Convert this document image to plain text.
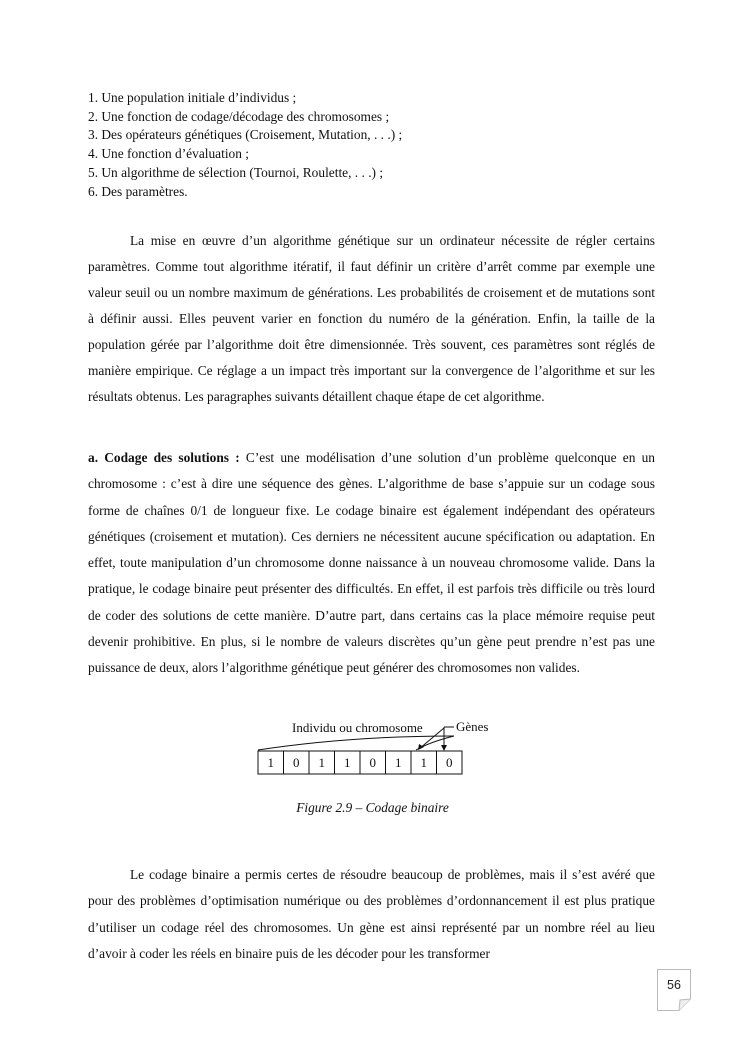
1. Une population initiale d’individus ;
2. Une fonction de codage/décodage des chromosomes ;
3. Des opérateurs génétiques (Croisement, Mutation, . . .) ;
4. Une fonction d’évaluation ;
5. Un algorithme de sélection (Tournoi, Roulette, . . .) ;
6. Des paramètres.

La mise en œuvre d’un algorithme génétique sur un ordinateur nécessite de régler certains paramètres. Comme tout algorithme itératif, il faut définir un critère d’arrêt comme par exemple une valeur seuil ou un nombre maximum de générations. Les probabilités de croisement et de mutations sont à définir aussi. Elles peuvent varier en fonction du numéro de la génération. Enfin, la taille de la population gérée par l’algorithme doit être dimensionnée. Très souvent, ces paramètres sont réglés de manière empirique. Ce réglage a un impact très important sur la convergence de l’algorithme et sur les résultats obtenus. Les paragraphes suivants détaillent chaque étape de cet algorithme.

a. Codage des solutions : C’est une modélisation d’une solution d’un problème quelconque en un chromosome : c’est à dire une séquence des gènes. L’algorithme de base s’appuie sur un codage sous forme de chaînes 0/1 de longueur fixe. Le codage binaire est également indépendant des opérateurs génétiques (croisement et mutation). Ces derniers ne nécessitent aucune spécification ou adaptation. En effet, toute manipulation d’un chromosome donne naissance à un nouveau chromosome valide. Dans la pratique, le codage binaire peut présenter des difficultés. En effet, il est parfois très difficile ou très lourd de coder des solutions de cette manière. D’autre part, dans certains cas la place mémoire requise peut devenir prohibitive. En plus, si le nombre de valeurs discrètes qu’un gène peut prendre n’est pas une puissance de deux, alors l’algorithme génétique peut générer des chromosomes non valides.

Individu ou chromosome	Gènes
1 0 1 1 0 1 1 0
Figure 2.9 – Codage binaire

Le codage binaire a permis certes de résoudre beaucoup de problèmes, mais il s’est avéré que pour des problèmes d’optimisation numérique ou des problèmes d’ordonnancement il est plus pratique d’utiliser un codage réel des chromosomes. Un gène est ainsi représenté par un nombre réel au lieu d’avoir à coder les réels en binaire puis de les décoder pour les transformer

56
